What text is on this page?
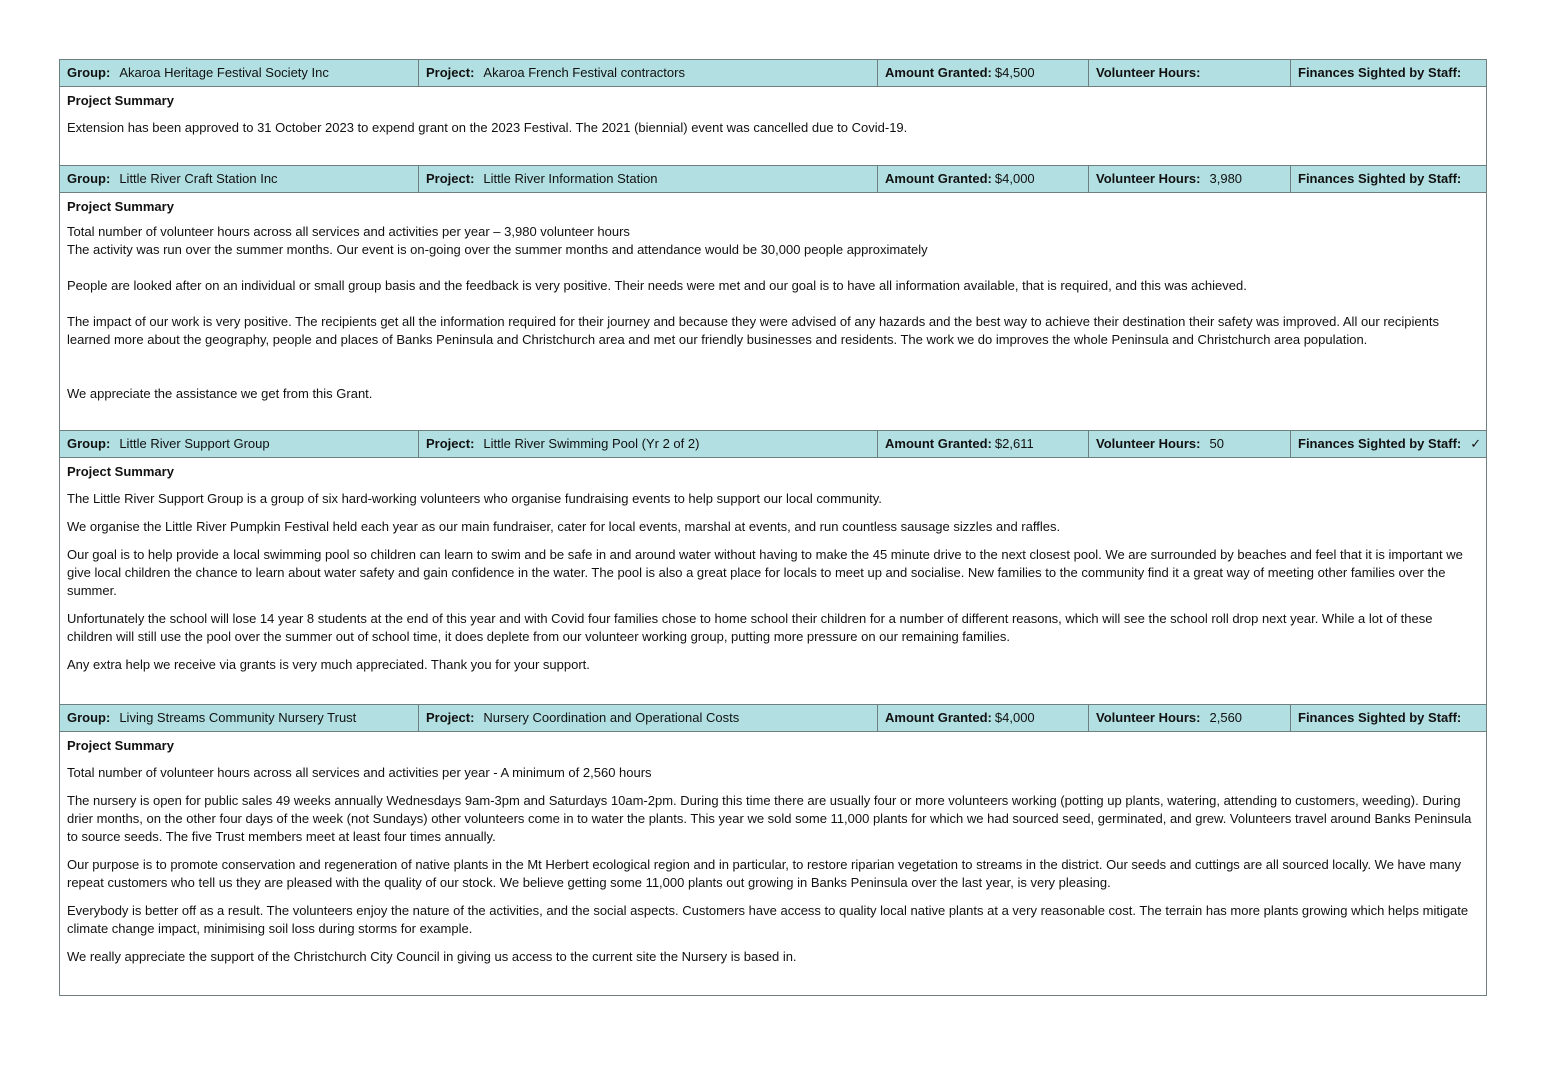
Group: Akaroa Heritage Festival Society Inc	Project: Akaroa French Festival contractors	Amount Granted: $4,500	Volunteer Hours:	Finances Sighted by Staff:
Project Summary

Extension has been approved to 31 October 2023 to expend grant on the 2023 Festival. The 2021 (biennial) event was cancelled due to Covid-19.

Group: Little River Craft Station Inc	Project: Little River Information Station	Amount Granted: $4,000	Volunteer Hours: 3,980	Finances Sighted by Staff:
Project Summary

Total number of volunteer hours across all services and activities per year – 3,980 volunteer hours

The activity was run over the summer months. Our event is on-going over the summer months and attendance would be 30,000 people approximately

People are looked after on an individual or small group basis and the feedback is very positive. Their needs were met and our goal is to have all information available, that is required, and this was achieved.

The impact of our work is very positive. The recipients get all the information required for their journey and because they were advised of any hazards and the best way to achieve their destination their safety was improved. All our recipients learned more about the geography, people and places of Banks Peninsula and Christchurch area and met our friendly businesses and residents. The work we do improves the whole Peninsula and Christchurch area population.

We appreciate the assistance we get from this Grant.

Group: Little River Support Group	Project: Little River Swimming Pool (Yr 2 of 2)	Amount Granted: $2,611	Volunteer Hours: 50	Finances Sighted by Staff: ✓
Project Summary

The Little River Support Group is a group of six hard-working volunteers who organise fundraising events to help support our local community.

We organise the Little River Pumpkin Festival held each year as our main fundraiser, cater for local events, marshal at events, and run countless sausage sizzles and raffles.

Our goal is to help provide a local swimming pool so children can learn to swim and be safe in and around water without having to make the 45 minute drive to the next closest pool. We are surrounded by beaches and feel that it is important we give local children the chance to learn about water safety and gain confidence in the water. The pool is also a great place for locals to meet up and socialise. New families to the community find it a great way of meeting other families over the summer.

Unfortunately the school will lose 14 year 8 students at the end of this year and with Covid four families chose to home school their children for a number of different reasons, which will see the school roll drop next year. While a lot of these children will still use the pool over the summer out of school time, it does deplete from our volunteer working group, putting more pressure on our remaining families.

Any extra help we receive via grants is very much appreciated. Thank you for your support.

Group: Living Streams Community Nursery Trust	Project: Nursery Coordination and Operational Costs	Amount Granted: $4,000	Volunteer Hours: 2,560	Finances Sighted by Staff:
Project Summary

Total number of volunteer hours across all services and activities per year - A minimum of 2,560 hours

The nursery is open for public sales 49 weeks annually Wednesdays 9am-3pm and Saturdays 10am-2pm. During this time there are usually four or more volunteers working (potting up plants, watering, attending to customers, weeding). During drier months, on the other four days of the week (not Sundays) other volunteers come in to water the plants. This year we sold some 11,000 plants for which we had sourced seed, germinated, and grew. Volunteers travel around Banks Peninsula to source seeds. The five Trust members meet at least four times annually.

Our purpose is to promote conservation and regeneration of native plants in the Mt Herbert ecological region and in particular, to restore riparian vegetation to streams in the district. Our seeds and cuttings are all sourced locally. We have many repeat customers who tell us they are pleased with the quality of our stock. We believe getting some 11,000 plants out growing in Banks Peninsula over the last year, is very pleasing.

Everybody is better off as a result. The volunteers enjoy the nature of the activities, and the social aspects. Customers have access to quality local native plants at a very reasonable cost. The terrain has more plants growing which helps mitigate climate change impact, minimising soil loss during storms for example.

We really appreciate the support of the Christchurch City Council in giving us access to the current site the Nursery is based in.
